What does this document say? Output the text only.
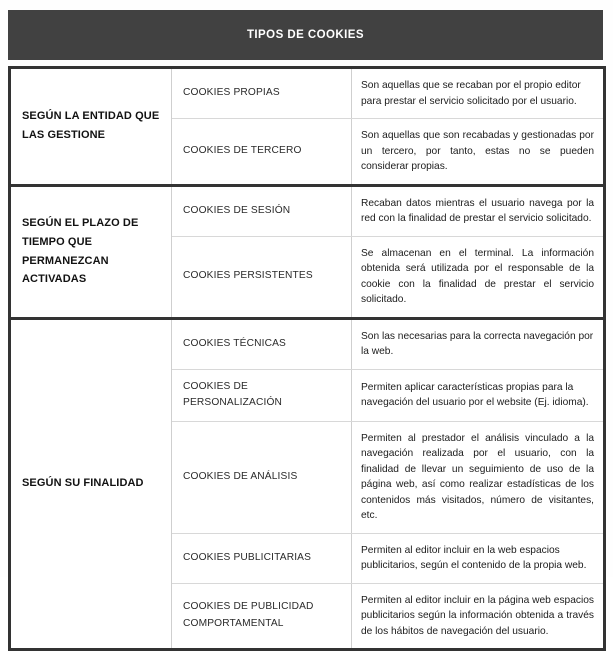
TIPOS DE COOKIES
SEGÚN LA ENTIDAD QUE LAS GESTIONE	COOKIES PROPIAS	Son aquellas que se recaban por el propio editor para prestar el servicio solicitado por el usuario.
	COOKIES DE TERCERO	Son aquellas que son recabadas y gestionadas por un tercero, por tanto, estas no se pueden considerar propias.
SEGÚN EL PLAZO DE TIEMPO QUE PERMANEZCAN ACTIVADAS	COOKIES DE SESIÓN	Recaban datos mientras el usuario navega por la red con la finalidad de prestar el servicio solicitado.
	COOKIES PERSISTENTES	Se almacenan en el terminal. La información obtenida será utilizada por el responsable de la cookie con la finalidad de prestar el servicio solicitado.
SEGÚN SU FINALIDAD	COOKIES TÉCNICAS	Son las necesarias para la correcta navegación por la web.
	COOKIES DE PERSONALIZACIÓN	Permiten aplicar características propias para la navegación del usuario por el website (Ej. idioma).
	COOKIES DE ANÁLISIS	Permiten al prestador el análisis vinculado a la navegación realizada por el usuario, con la finalidad de llevar un seguimiento de uso de la página web, así como realizar estadísticas de los contenidos más visitados, número de visitantes, etc.
	COOKIES PUBLICITARIAS	Permiten al editor incluir en la web espacios publicitarios, según el contenido de la propia web.
	COOKIES DE PUBLICIDAD COMPORTAMENTAL	Permiten al editor incluir en la página web espacios publicitarios según la información obtenida a través de los hábitos de navegación del usuario.
